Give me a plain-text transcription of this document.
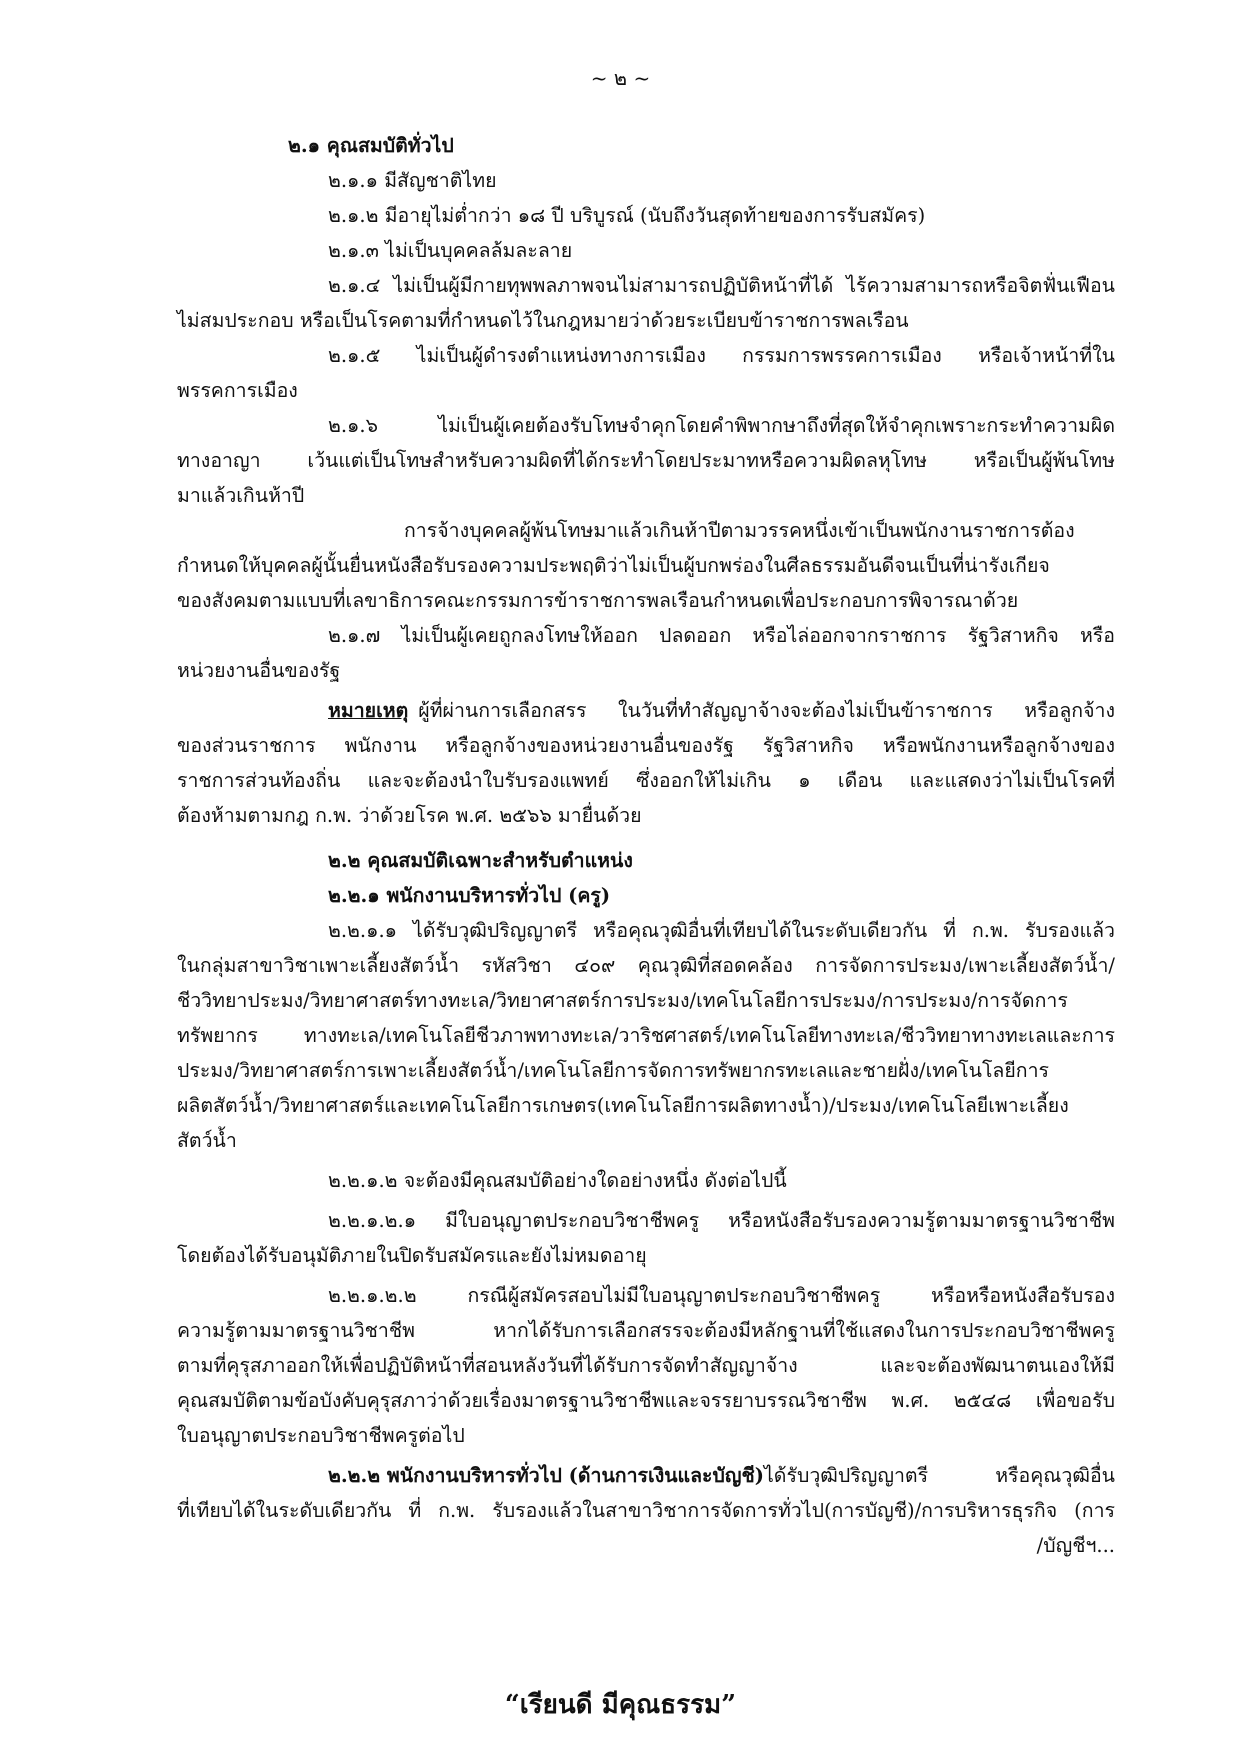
~ ๒ ~
๒.๑ คุณสมบัติทั่วไป
๒.๑.๑ มีสัญชาติไทย
๒.๑.๒ มีอายุไม่ต่ำกว่า ๑๘ ปี บริบูรณ์ (นับถึงวันสุดท้ายของการรับสมัคร)
๒.๑.๓ ไม่เป็นบุคคลล้มละลาย
๒.๑.๔ ไม่เป็นผู้มีกายทุพพลภาพจนไม่สามารถปฏิบัติหน้าที่ได้ ไร้ความสามารถหรือจิตฟั่นเฟือน
ไม่สมประกอบ หรือเป็นโรคตามที่กำหนดไว้ในกฎหมายว่าด้วยระเบียบข้าราชการพลเรือน
๒.๑.๕ ไม่เป็นผู้ดำรงตำแหน่งทางการเมือง กรรมการพรรคการเมือง หรือเจ้าหน้าที่ใน
พรรคการเมือง
๒.๑.๖ ไม่เป็นผู้เคยต้องรับโทษจำคุกโดยคำพิพากษาถึงที่สุดให้จำคุกเพราะกระทำความผิด
ทางอาญา เว้นแต่เป็นโทษสำหรับความผิดที่ได้กระทำโดยประมาทหรือความผิดลหุโทษ หรือเป็นผู้พ้นโทษ
มาแล้วเกินห้าปี
การจ้างบุคคลผู้พ้นโทษมาแล้วเกินห้าปีตามวรรคหนึ่งเข้าเป็นพนักงานราชการต้อง
กำหนดให้บุคคลผู้นั้นยื่นหนังสือรับรองความประพฤติว่าไม่เป็นผู้บกพร่องในศีลธรรมอันดีจนเป็นที่น่ารังเกียจ
ของสังคมตามแบบที่เลขาธิการคณะกรรมการข้าราชการพลเรือนกำหนดเพื่อประกอบการพิจารณาด้วย
๒.๑.๗ ไม่เป็นผู้เคยถูกลงโทษให้ออก ปลดออก หรือไล่ออกจากราชการ รัฐวิสาหกิจ หรือ
หน่วยงานอื่นของรัฐ
หมายเหตุ ผู้ที่ผ่านการเลือกสรร ในวันที่ทำสัญญาจ้างจะต้องไม่เป็นข้าราชการ หรือลูกจ้าง
ของส่วนราชการ พนักงาน หรือลูกจ้างของหน่วยงานอื่นของรัฐ รัฐวิสาหกิจ หรือพนักงานหรือลูกจ้างของ
ราชการส่วนท้องถิ่น และจะต้องนำใบรับรองแพทย์ ซึ่งออกให้ไม่เกิน ๑ เดือน และแสดงว่าไม่เป็นโรคที่
ต้องห้ามตามกฎ ก.พ. ว่าด้วยโรค พ.ศ. ๒๕๖๖ มายื่นด้วย
๒.๒ คุณสมบัติเฉพาะสำหรับตำแหน่ง
๒.๒.๑ พนักงานบริหารทั่วไป (ครู)
๒.๒.๑.๑ ได้รับวุฒิปริญญาตรี หรือคุณวุฒิอื่นที่เทียบได้ในระดับเดียวกัน ที่ ก.พ. รับรองแล้ว
ในกลุ่มสาขาวิชาเพาะเลี้ยงสัตว์น้ำ รหัสวิชา ๔๐๙ คุณวุฒิที่สอดคล้อง การจัดการประมง/เพาะเลี้ยงสัตว์น้ำ/
ชีววิทยาประมง/วิทยาศาสตร์ทางทะเล/วิทยาศาสตร์การประมง/เทคโนโลยีการประมง/การประมง/การจัดการ
ทรัพยากร ทางทะเล/เทคโนโลยีชีวภาพทางทะเล/วาริชศาสตร์/เทคโนโลยีทางทะเล/ชีววิทยาทางทะเลและการ
ประมง/วิทยาศาสตร์การเพาะเลี้ยงสัตว์น้ำ/เทคโนโลยีการจัดการทรัพยากรทะเลและชายฝั่ง/เทคโนโลยีการ
ผลิตสัตว์น้ำ/วิทยาศาสตร์และเทคโนโลยีการเกษตร(เทคโนโลยีการผลิตทางน้ำ)/ประมง/เทคโนโลยีเพาะเลี้ยง
สัตว์น้ำ
๒.๒.๑.๒ จะต้องมีคุณสมบัติอย่างใดอย่างหนึ่ง ดังต่อไปนี้
๒.๒.๑.๒.๑ มีใบอนุญาตประกอบวิชาชีพครู หรือหนังสือรับรองความรู้ตามมาตรฐานวิชาชีพ
โดยต้องได้รับอนุมัติภายในปิดรับสมัครและยังไม่หมดอายุ
๒.๒.๑.๒.๒ กรณีผู้สมัครสอบไม่มีใบอนุญาตประกอบวิชาชีพครู หรือหรือหนังสือรับรอง
ความรู้ตามมาตรฐานวิชาชีพ หากได้รับการเลือกสรรจะต้องมีหลักฐานที่ใช้แสดงในการประกอบวิชาชีพครู
ตามที่คุรุสภาออกให้เพื่อปฏิบัติหน้าที่สอนหลังวันที่ได้รับการจัดทำสัญญาจ้าง และจะต้องพัฒนาตนเองให้มี
คุณสมบัติตามข้อบังคับคุรุสภาว่าด้วยเรื่องมาตรฐานวิชาชีพและจรรยาบรรณวิชาชีพ พ.ศ. ๒๕๔๘ เพื่อขอรับ
ใบอนุญาตประกอบวิชาชีพครูต่อไป
๒.๒.๒ พนักงานบริหารทั่วไป (ด้านการเงินและบัญชี) ได้รับวุฒิปริญญาตรี หรือคุณวุฒิอื่น
ที่เทียบได้ในระดับเดียวกัน ที่ ก.พ. รับรองแล้วในสาขาวิชาการจัดการทั่วไป(การบัญชี)/การบริหารธุรกิจ (การ
/บัญชีฯ...
“เรียนดี มีคุณธรรม”
